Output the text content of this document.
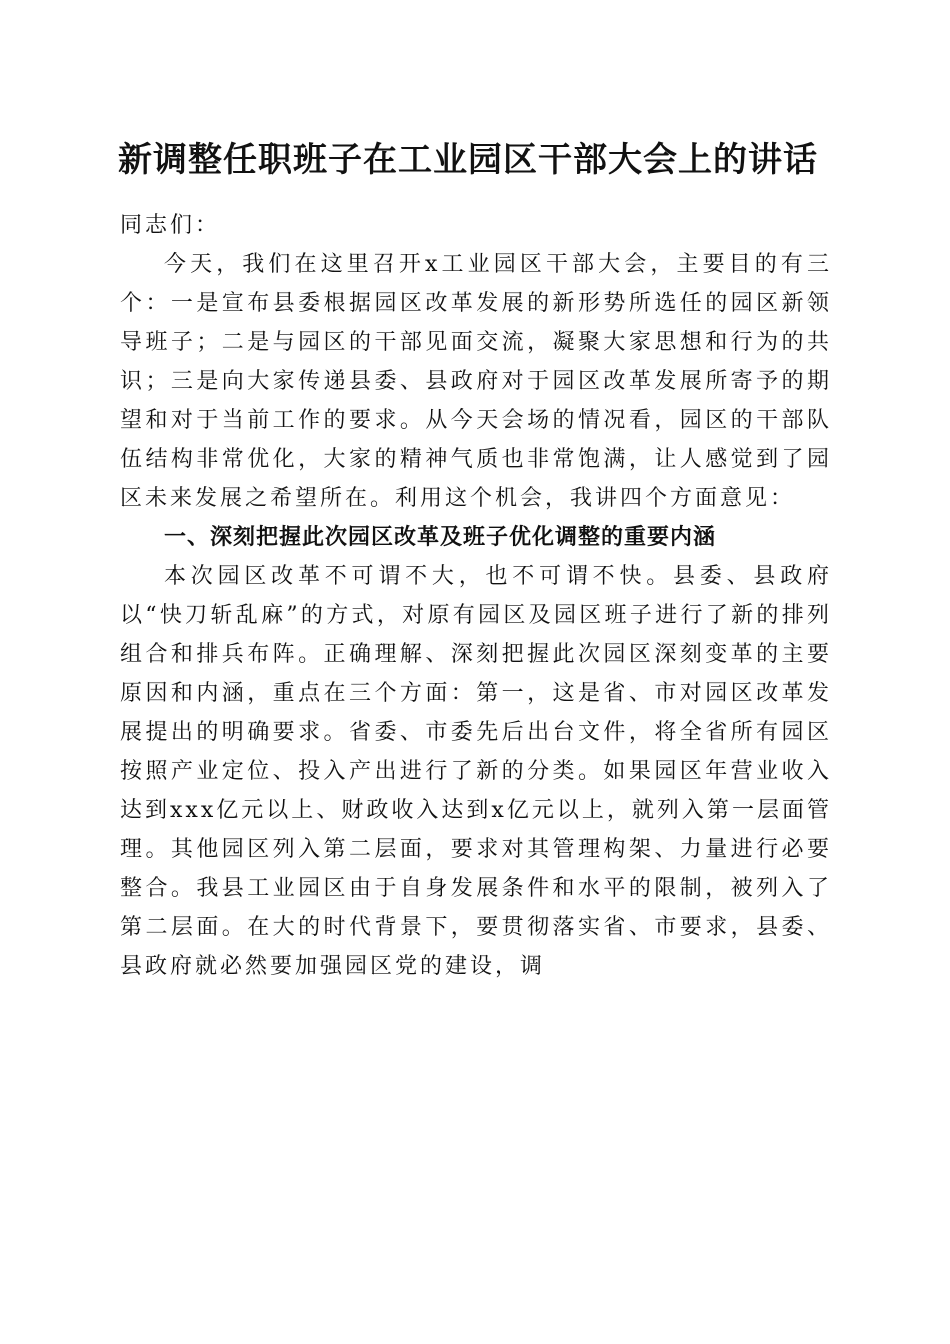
新调整任职班子在工业园区干部大会上的讲话

同志们：

今天，我们在这里召开x工业园区干部大会，主要目的有三个：一是宣布县委根据园区改革发展的新形势所选任的园区新领导班子；二是与园区的干部见面交流，凝聚大家思想和行为的共识；三是向大家传递县委、县政府对于园区改革发展所寄予的期望和对于当前工作的要求。从今天会场的情况看，园区的干部队伍结构非常优化，大家的精神气质也非常饱满，让人感觉到了园区未来发展之希望所在。利用这个机会，我讲四个方面意见：

一、深刻把握此次园区改革及班子优化调整的重要内涵

本次园区改革不可谓不大，也不可谓不快。县委、县政府以“快刀斩乱麻”的方式，对原有园区及园区班子进行了新的排列组合和排兵布阵。正确理解、深刻把握此次园区深刻变革的主要原因和内涵，重点在三个方面：第一，这是省、市对园区改革发展提出的明确要求。省委、市委先后出台文件，将全省所有园区按照产业定位、投入产出进行了新的分类。如果园区年营业收入达到xxx亿元以上、财政收入达到x亿元以上，就列入第一层面管理。其他园区列入第二层面，要求对其管理构架、力量进行必要整合。我县工业园区由于自身发展条件和水平的限制，被列入了第二层面。在大的时代背景下，要贯彻落实省、市要求，县委、县政府就必然要加强园区党的建设，调
